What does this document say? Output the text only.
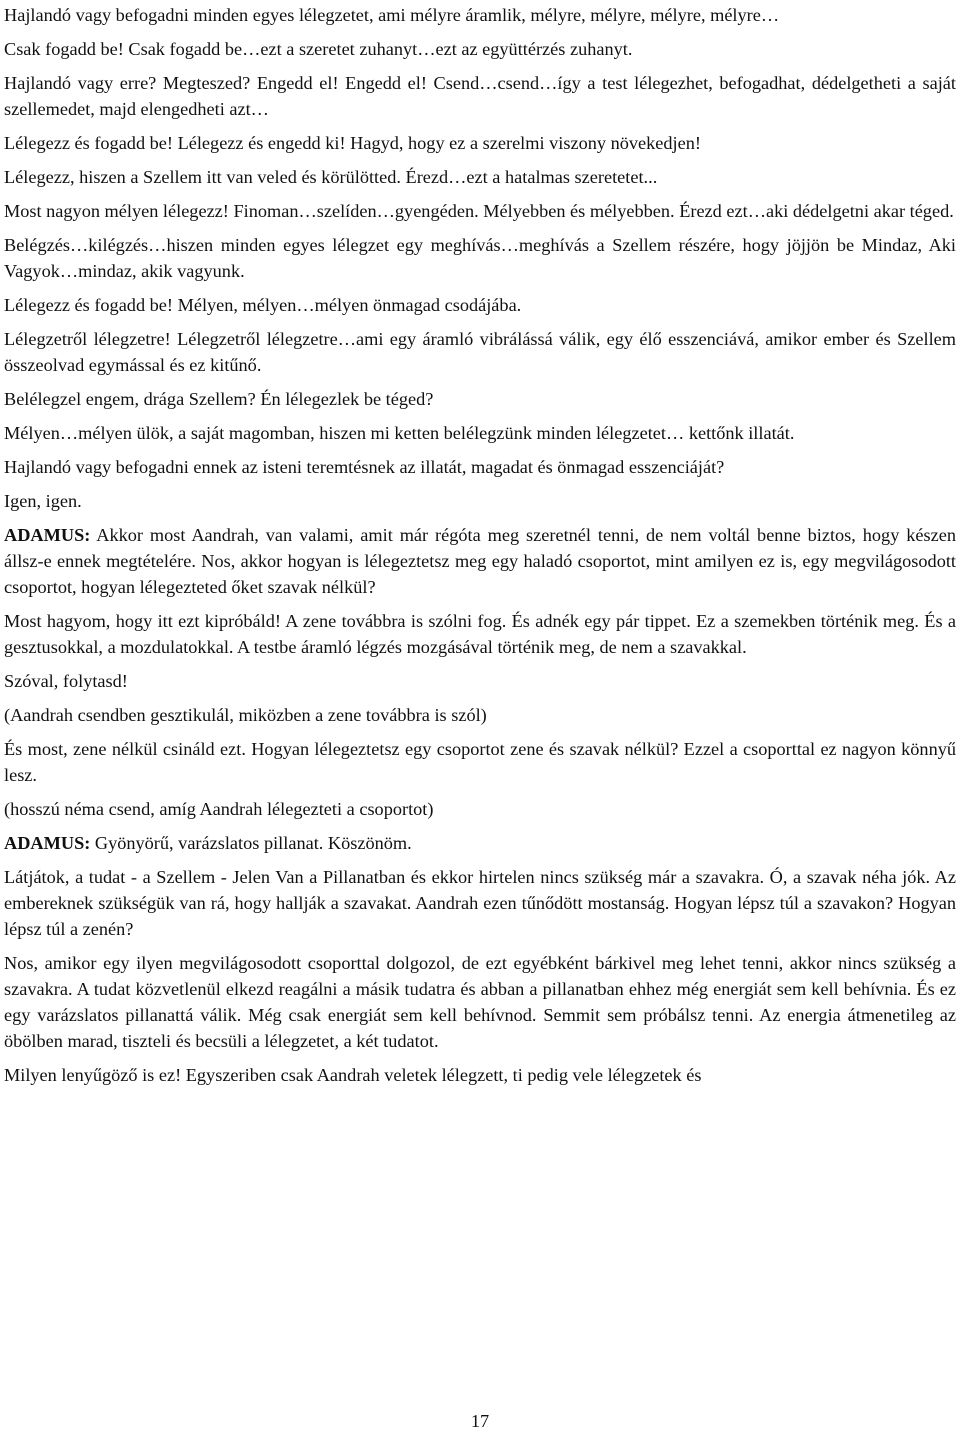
Hajlandó vagy befogadni minden egyes lélegzetet, ami mélyre áramlik, mélyre, mélyre, mélyre, mélyre…

Csak fogadd be! Csak fogadd be…ezt a szeretet zuhanyt…ezt az együttérzés zuhanyt.

Hajlandó vagy erre? Megteszed? Engedd el! Engedd el! Csend…csend…így a test lélegezhet, befogadhat, dédelgetheti a saját szellemedet, majd elengedheti azt…

Lélegezz és fogadd be! Lélegezz és engedd ki! Hagyd, hogy ez a szerelmi viszony növekedjen!

Lélegezz, hiszen a Szellem itt van veled és körülötted. Érezd…ezt a hatalmas szeretetet...

Most nagyon mélyen lélegezz! Finoman…szelíden…gyengéden. Mélyebben és mélyebben. Érezd ezt…aki dédelgetni akar téged.

Belégzés…kilégzés…hiszen minden egyes lélegzet egy meghívás…meghívás a Szellem részére, hogy jöjjön be Mindaz, Aki Vagyok…mindaz, akik vagyunk.

Lélegezz és fogadd be! Mélyen, mélyen…mélyen önmagad csodájába.

Lélegzetről lélegzetre! Lélegzetről lélegzetre…ami egy áramló vibrálássá válik, egy élő esszenciává, amikor ember és Szellem összeolvad egymással és ez kitűnő.

Belélegzel engem, drága Szellem? Én lélegezlek be téged?

Mélyen…mélyen ülök, a saját magomban, hiszen mi ketten belélegzünk minden lélegzetet… kettőnk illatát.

Hajlandó vagy befogadni ennek az isteni teremtésnek az illatát, magadat és önmagad esszenciáját?

Igen, igen.

ADAMUS: Akkor most Aandrah, van valami, amit már régóta meg szeretnél tenni, de nem voltál benne biztos, hogy készen állsz-e ennek megtételére. Nos, akkor hogyan is lélegeztetsz meg egy haladó csoportot, mint amilyen ez is, egy megvilágosodott csoportot, hogyan lélegezteted őket szavak nélkül?

Most hagyom, hogy itt ezt kipróbáld! A zene továbbra is szólni fog. És adnék egy pár tippet. Ez a szemekben történik meg. És a gesztusokkal, a mozdulatokkal. A testbe áramló légzés mozgásával történik meg, de nem a szavakkal.

Szóval, folytasd!

(Aandrah csendben gesztikulál, miközben a zene továbbra is szól)

És most, zene nélkül csináld ezt. Hogyan lélegeztetsz egy csoportot zene és szavak nélkül? Ezzel a csoporttal ez nagyon könnyű lesz.

(hosszú néma csend, amíg Aandrah lélegezteti a csoportot)

ADAMUS: Gyönyörű, varázslatos pillanat. Köszönöm.

Látjátok, a tudat - a Szellem - Jelen Van a Pillanatban és ekkor hirtelen nincs szükség már a szavakra. Ó, a szavak néha jók. Az embereknek szükségük van rá, hogy hallják a szavakat. Aandrah ezen tűnődött mostanság. Hogyan lépsz túl a szavakon? Hogyan lépsz túl a zenén?

Nos, amikor egy ilyen megvilágosodott csoporttal dolgozol, de ezt egyébként bárkivel meg lehet tenni, akkor nincs szükség a szavakra. A tudat közvetlenül elkezd reagálni a másik tudatra és abban a pillanatban ehhez még energiát sem kell behívnia. És ez egy varázslatos pillanattá válik. Még csak energiát sem kell behívnod. Semmit sem próbálsz tenni. Az energia átmenetileg az öbölben marad, tiszteli és becsüli a lélegzetet, a két tudatot.

Milyen lenyűgöző is ez! Egyszeriben csak Aandrah veletek lélegzett, ti pedig vele lélegzetek és

17
